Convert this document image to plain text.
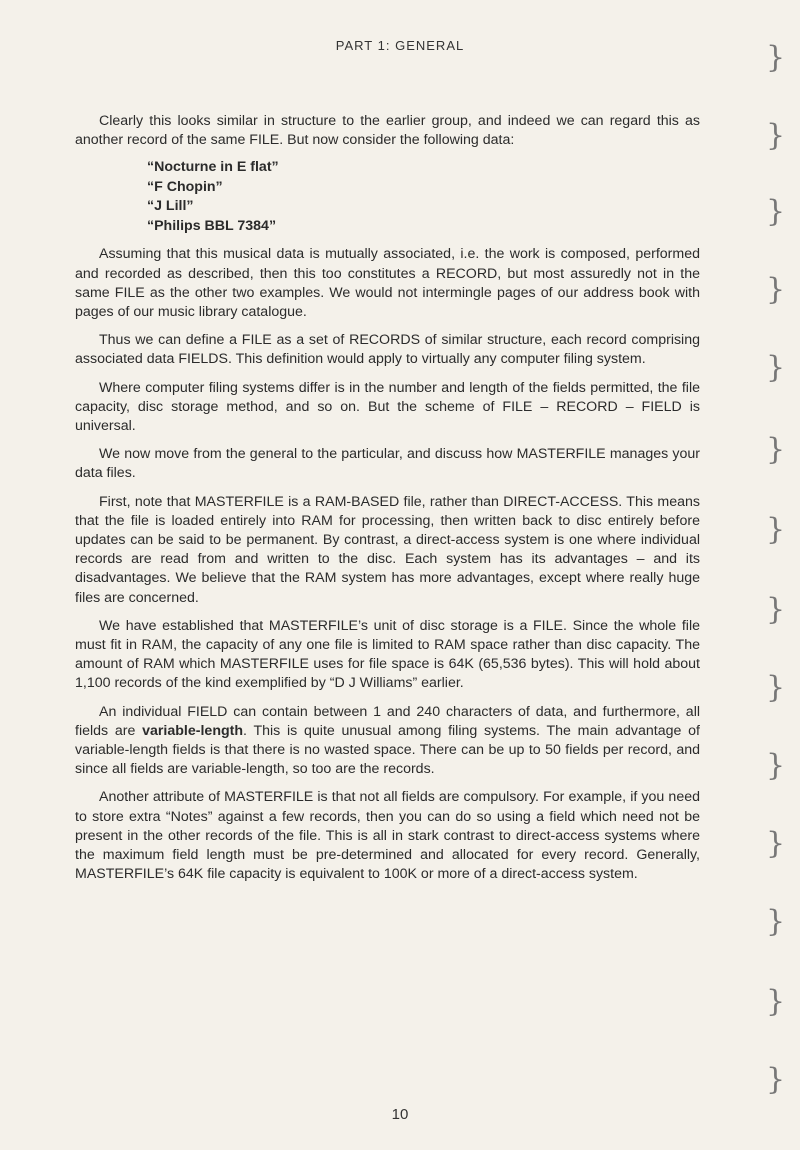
PART 1: GENERAL

Clearly this looks similar in structure to the earlier group, and indeed we can regard this as another record of the same FILE. But now consider the following data:

“Nocturne in E flat”
“F Chopin”
“J Lill”
“Philips BBL 7384”

Assuming that this musical data is mutually associated, i.e. the work is composed, performed and recorded as described, then this too constitutes a RECORD, but most assuredly not in the same FILE as the other two examples. We would not intermingle pages of our address book with pages of our music library catalogue.

Thus we can define a FILE as a set of RECORDS of similar structure, each record comprising associated data FIELDS. This definition would apply to virtually any computer filing system.

Where computer filing systems differ is in the number and length of the fields permitted, the file capacity, disc storage method, and so on. But the scheme of FILE – RECORD – FIELD is universal.

We now move from the general to the particular, and discuss how MASTERFILE manages your data files.

First, note that MASTERFILE is a RAM-BASED file, rather than DIRECT-ACCESS. This means that the file is loaded entirely into RAM for processing, then written back to disc entirely before updates can be said to be permanent. By contrast, a direct-access system is one where individual records are read from and written to the disc. Each system has its advantages – and its disadvantages. We believe that the RAM system has more advantages, except where really huge files are concerned.

We have established that MASTERFILE’s unit of disc storage is a FILE. Since the whole file must fit in RAM, the capacity of any one file is limited to RAM space rather than disc capacity. The amount of RAM which MASTERFILE uses for file space is 64K (65,536 bytes). This will hold about 1,100 records of the kind exemplified by “D J Williams” earlier.

An individual FIELD can contain between 1 and 240 characters of data, and furthermore, all fields are variable-length. This is quite unusual among filing systems. The main advantage of variable-length fields is that there is no wasted space. There can be up to 50 fields per record, and since all fields are variable-length, so too are the records.

Another attribute of MASTERFILE is that not all fields are compulsory. For example, if you need to store extra “Notes” against a few records, then you can do so using a field which need not be present in the other records of the file. This is all in stark contrast to direct-access systems where the maximum field length must be pre-determined and allocated for every record. Generally, MASTERFILE’s 64K file capacity is equivalent to 100K or more of a direct-access system.

10
}
}
}
}
}
}
}
}
}
}
}
}
}
}
